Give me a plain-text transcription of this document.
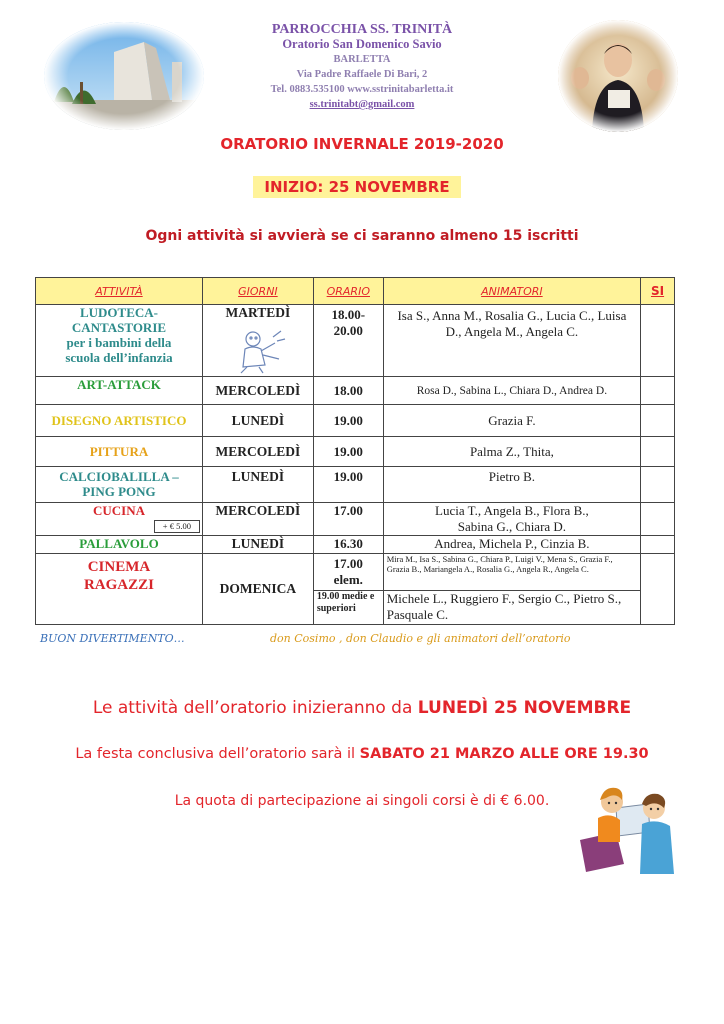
PARROCCHIA SS. TRINITÀ
Oratorio San Domenico Savio
BARLETTA
Via Padre Raffaele Di Bari, 2
Tel. 0883.535100 www.sstrinitabarletta.it
ss.trinitabt@gmail.com
ORATORIO INVERNALE 2019-2020
INIZIO: 25 NOVEMBRE
Ogni attività si avvierà se ci saranno almeno 15 iscritti
ATTIVITÀ	GIORNI	ORARIO	ANIMATORI	SI

LUDOTECA-CANTASTORIE
per i bambini della scuola dell’infanzia	MARTEDÌ	18.00-20.00	Isa S., Anna M., Rosalia G., Lucia C., Luisa D., Angela M., Angela C.	
ART-ATTACK	MERCOLEDÌ	18.00	Rosa D., Sabina L., Chiara D., Andrea D.	
DISEGNO ARTISTICO	LUNEDÌ	19.00	Grazia F.	
PITTURA	MERCOLEDÌ	19.00	Palma Z., Thita,	
CALCIOBALILLA – PING PONG	LUNEDÌ	19.00	Pietro B.	

CUCINA
+ € 5.00	MERCOLEDÌ	17.00	Lucia T., Angela B., Flora B., Sabina G., Chiara D.	
PALLAVOLO	LUNEDÌ	16.30	Andrea, Michela P., Cinzia B.	
CINEMA RAGAZZI	DOMENICA	17.00 elem.	Mira M., Isa S., Sabina G., Chiara P., Luigi V., Mena S., Grazia F., Grazia B., Mariangela A., Rosalia G., Angela R., Angela C.	
		19.00 medie e superiori	Michele L., Ruggiero F., Sergio C., Pietro S., Pasquale C.	
BUON DIVERTIMENTO…	don Cosimo , don Claudio e gli animatori dell’oratorio
Le attività dell’oratorio inizieranno da LUNEDÌ 25 NOVEMBRE
La festa conclusiva dell’oratorio sarà il SABATO 21 MARZO ALLE ORE 19.30
La quota di partecipazione ai singoli corsi è di € 6.00.
